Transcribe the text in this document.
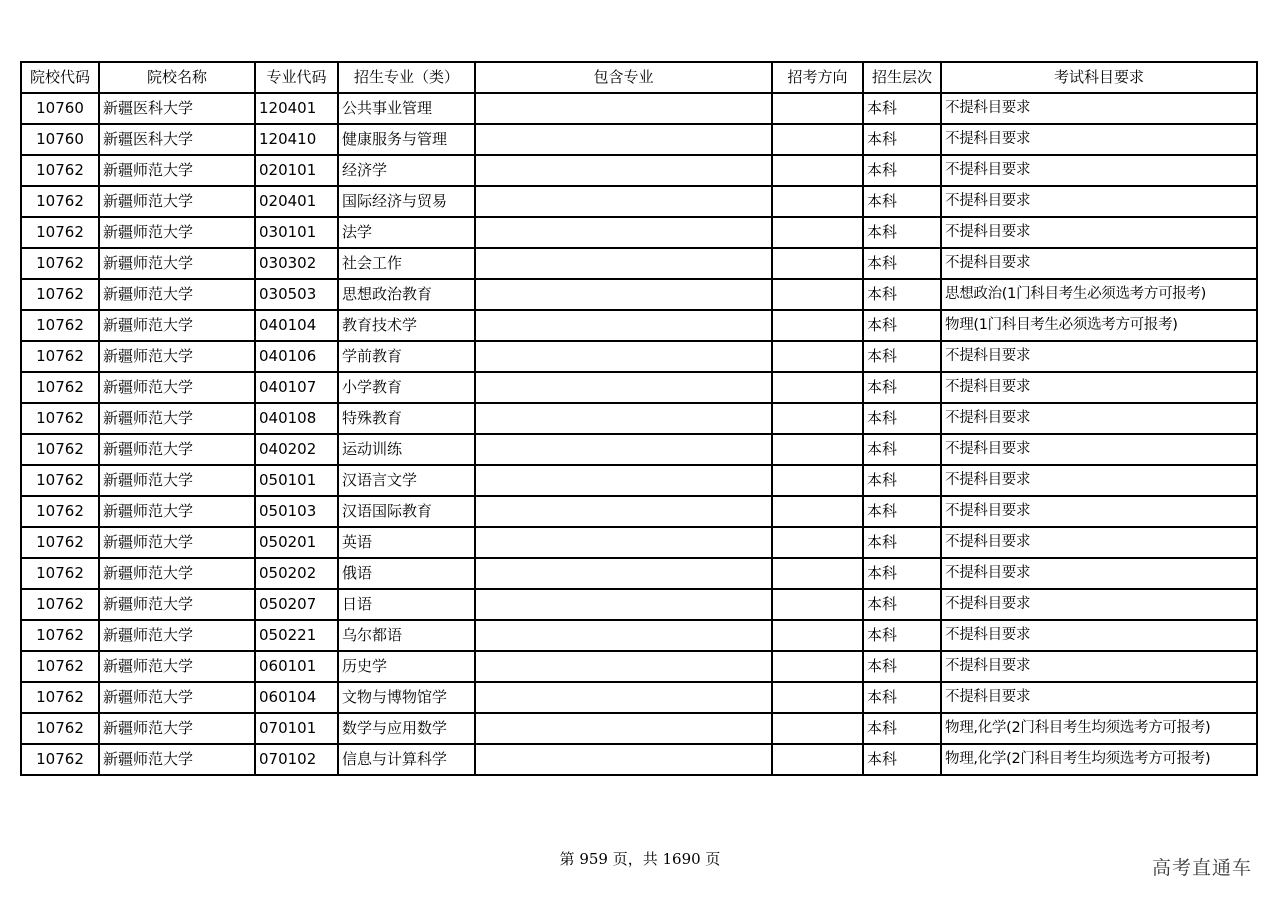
院校代码	院校名称	专业代码	招生专业（类）	包含专业	招考方向	招生层次	考试科目要求
10760	新疆医科大学	120401	公共事业管理			本科	不提科目要求
10760	新疆医科大学	120410	健康服务与管理			本科	不提科目要求
10762	新疆师范大学	020101	经济学			本科	不提科目要求
10762	新疆师范大学	020401	国际经济与贸易			本科	不提科目要求
10762	新疆师范大学	030101	法学			本科	不提科目要求
10762	新疆师范大学	030302	社会工作			本科	不提科目要求
10762	新疆师范大学	030503	思想政治教育			本科	思想政治(1门科目考生必须选考方可报考)
10762	新疆师范大学	040104	教育技术学			本科	物理(1门科目考生必须选考方可报考)
10762	新疆师范大学	040106	学前教育			本科	不提科目要求
10762	新疆师范大学	040107	小学教育			本科	不提科目要求
10762	新疆师范大学	040108	特殊教育			本科	不提科目要求
10762	新疆师范大学	040202	运动训练			本科	不提科目要求
10762	新疆师范大学	050101	汉语言文学			本科	不提科目要求
10762	新疆师范大学	050103	汉语国际教育			本科	不提科目要求
10762	新疆师范大学	050201	英语			本科	不提科目要求
10762	新疆师范大学	050202	俄语			本科	不提科目要求
10762	新疆师范大学	050207	日语			本科	不提科目要求
10762	新疆师范大学	050221	乌尔都语			本科	不提科目要求
10762	新疆师范大学	060101	历史学			本科	不提科目要求
10762	新疆师范大学	060104	文物与博物馆学			本科	不提科目要求
10762	新疆师范大学	070101	数学与应用数学			本科	物理,化学(2门科目考生均须选考方可报考)
10762	新疆师范大学	070102	信息与计算科学			本科	物理,化学(2门科目考生均须选考方可报考)
第 959 页，共 1690 页	高考直通车
